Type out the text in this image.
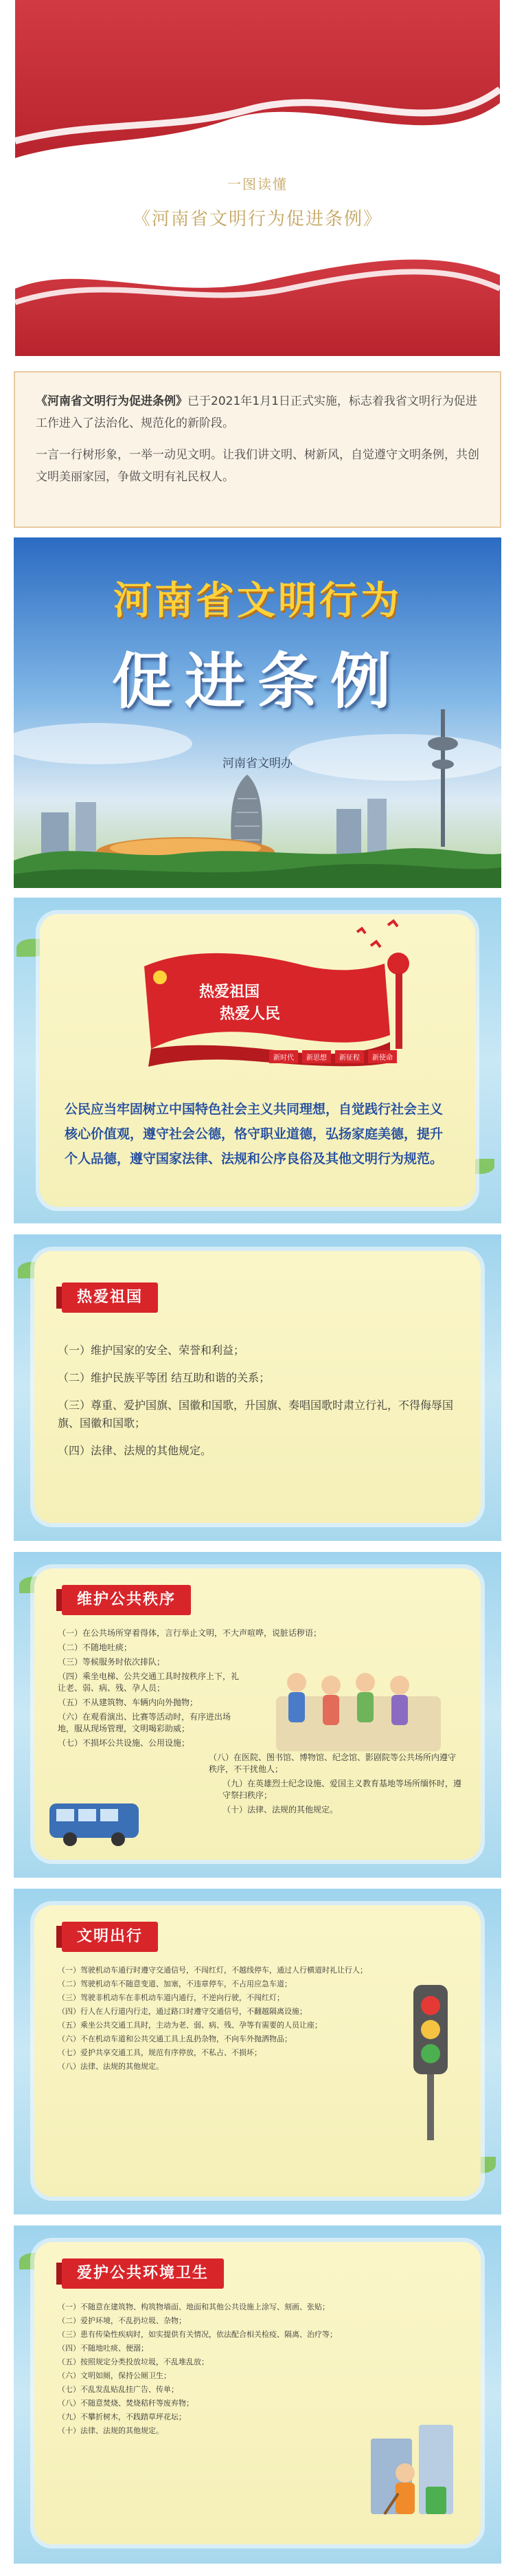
一图读懂
《河南省文明行为促进条例》

《河南省文明行为促进条例》已于2021年1月1日正式实施，标志着我省文明行为促进工作进入了法治化、规范化的新阶段。

一言一行树形象，一举一动见文明。让我们讲文明、树新风，自觉遵守文明条例，共创文明美丽家园，争做文明有礼民权人。

河南省文明行为
促进条例
河南省文明办
热爱祖国
热爱人民
新时代	新思想	新征程	新使命
公民应当牢固树立中国特色社会主义共同理想，自觉践行社会主义核心价值观，遵守社会公德，恪守职业道德，弘扬家庭美德，提升个人品德，遵守国家法律、法规和公序良俗及其他文明行为规范。
热爱祖国
（一）维护国家的安全、荣誉和利益；
（二）维护民族平等团 结互助和谐的关系；
（三）尊重、爱护国旗、国徽和国歌，升国旗、奏唱国歌时肃立行礼，不得侮辱国旗、国徽和国歌；
（四）法律、法规的其他规定。
维护公共秩序
（一）在公共场所穿着得体，言行举止文明，不大声喧哗，说脏话秽语；
（二）不随地吐痰；
（三）等候服务时依次排队；
（四）乘坐电梯、公共交通工具时按秩序上下，礼让老、弱、病、残、孕人员；
（五）不从建筑物、车辆内向外抛物；
（六）在观看演出、比赛等活动时，有序进出场地，服从现场管理，文明喝彩助威；
（七）不损坏公共设施、公用设施；
（八）在医院、图书馆、博物馆、纪念馆、影剧院等公共场所内遵守秩序，不干扰他人；
（九）在英雄烈士纪念设施、爱国主义教育基地等场所缅怀时，遵守祭扫秩序；
（十）法律、法规的其他规定。
文明出行
（一）驾驶机动车通行时遵守交通信号，不闯红灯，不越线停车，通过人行横道时礼让行人；
（二）驾驶机动车不随意变道、加塞，不违章停车，不占用应急车道；
（三）驾驶非机动车在非机动车道内通行，不逆向行驶，不闯红灯；
（四）行人在人行道内行走，通过路口时遵守交通信号，不翻越隔离设施；
（五）乘坐公共交通工具时，主动为老、弱、病、残、孕等有需要的人员让座；
（六）不在机动车道和公共交通工具上乱扔杂物，不向车外抛洒物品；
（七）爱护共享交通工具，规范有序停放，不私占、不损坏；
（八）法律、法规的其他规定。
爱护公共环境卫生
（一）不随意在建筑物、构筑物墙面、地面和其他公共设施上涂写、刻画、张贴；
（二）爱护环境，不乱扔垃圾、杂物；
（三）患有传染性疾病时，如实提供有关情况，依法配合相关检疫、隔离、治疗等；
（四）不随地吐痰、便溺；
（五）按照规定分类投放垃圾，不乱堆乱放；
（六）文明如厕，保持公厕卫生；
（七）不乱发乱贴乱挂广告、传单；
（八）不随意焚烧、焚烧秸秆等废弃物；
（九）不攀折树木，不践踏草坪花坛；
（十）法律、法规的其他规定。
